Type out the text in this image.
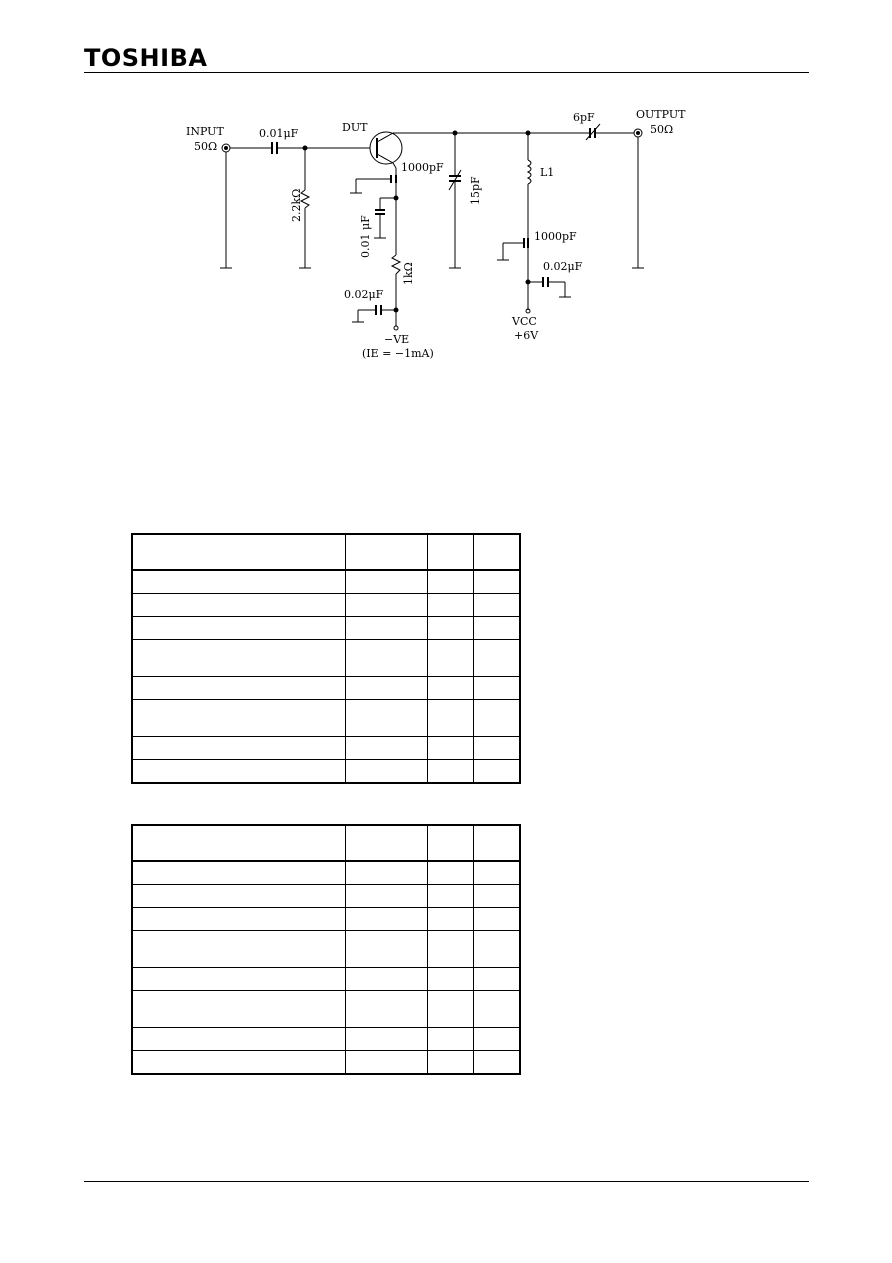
TOSHIBA
INPUT
50Ω
0.01μF	DUT
1000pF
2.2kΩ
0.01 μF
1kΩ
0.02μF
−VE
(IE = −1mA)
15pF
L1
1000pF
0.02μF
VCC
+6V
6pF	OUTPUT
50Ω
